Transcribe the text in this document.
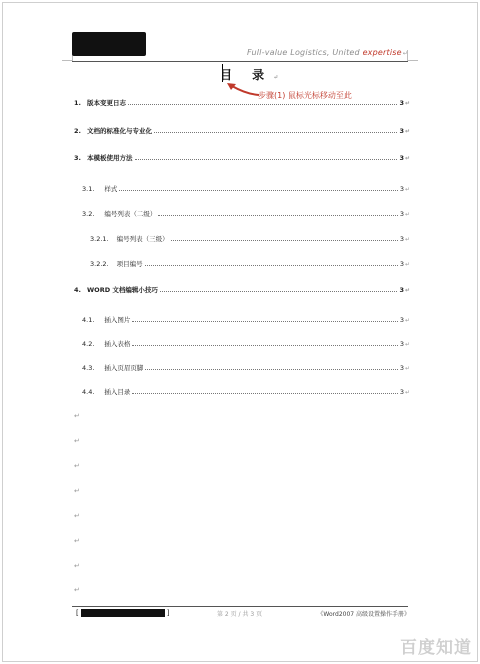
Full-value Logistics, United expertise↵
目 录↵
步骤(1) 鼠标光标移动至此
1. 版本变更日志	3 ↵
2. 文档的标准化与专业化	3 ↵
3. 本模板使用方法	3 ↵
3.1. 样式	3 ↵
3.2. 编号列表（二级）	3 ↵
3.2.1. 编号列表（三级）	3 ↵
3.2.2. 项目编号	3 ↵
4. WORD 文档编辑小技巧	3 ↵
4.1. 插入图片	3 ↵
4.2. 插入表格	3 ↵
4.3. 插入页眉页脚	3 ↵
4.4. 插入目录	3 ↵
↵
↵
↵
↵
↵
↵
↵
↵
[	]	第 2 页 / 共 3 页	《Word2007 高级设置操作手册》
百度知道
